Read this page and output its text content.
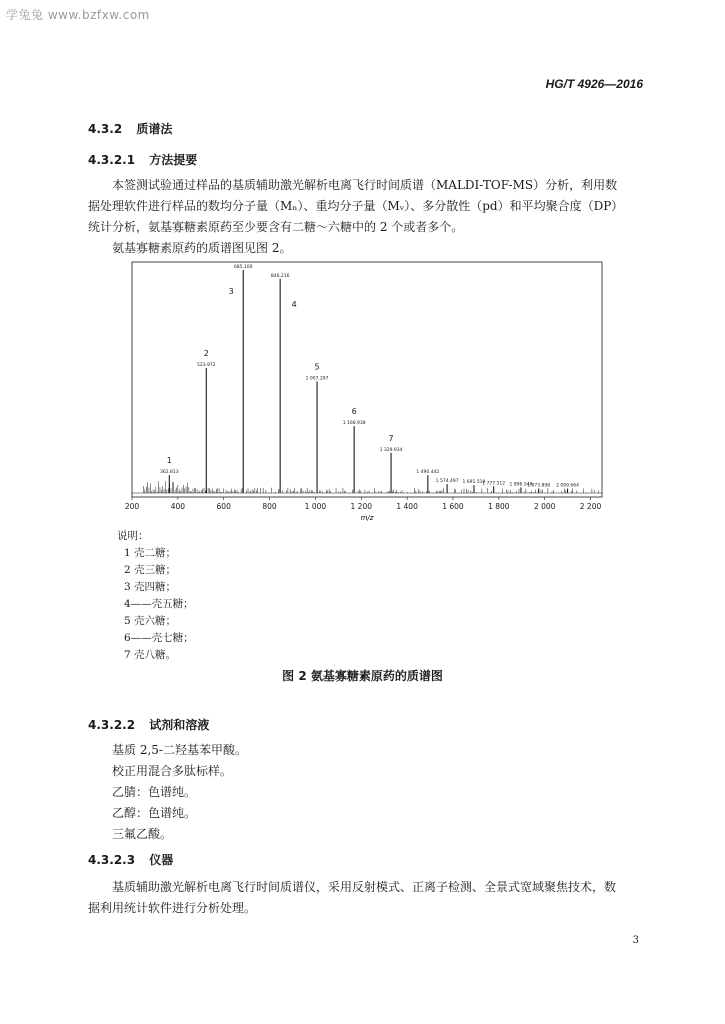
学兔兔 www.bzfxw.com
HG/T 4926—2016
4.3.2 质谱法
4.3.2.1 方法提要
本签测试验通过样品的基质辅助激光解析电离飞行时间质谱（MALDI-TOF-MS）分析，利用数
据处理软件进行样品的数均分子量（Mₙ）、重均分子量（Mᵥ）、多分散性（pd）和平均聚合度（DP）
统计分析，氨基寡糖素原药至少要含有二糖～六糖中的 2 个或者多个。
氨基寡糖素原药的质谱图见图 2。
362.813
1
523.972
2
685.100
3
846.216
4
1 007.297
5
1 168.938
6
1 329.934
7
1 490.442
1 574.497 1 691.519
1 777.512 1 896.548
1 973.898 2 099.664
200	400	600	800	1 000	1 200	1 400	1 600	1 800	2 000	2 200
m/z
说明：
1 壳二糖；
2 壳三糖；
3 壳四糖；
4——壳五糖；
5 壳六糖；
6——壳七糖；
7 壳八糖。
图 2 氨基寡糖素原药的质谱图
4.3.2.2 试剂和溶液
基质 2,5-二羟基苯甲酸。
校正用混合多肽标样。
乙腈：色谱纯。
乙醇：色谱纯。
三氟乙酸。
4.3.2.3 仪器
基质辅助激光解析电离飞行时间质谱仪，采用反射模式、正离子检测、全景式宽域聚焦技术，数
据利用统计软件进行分析处理。
3
